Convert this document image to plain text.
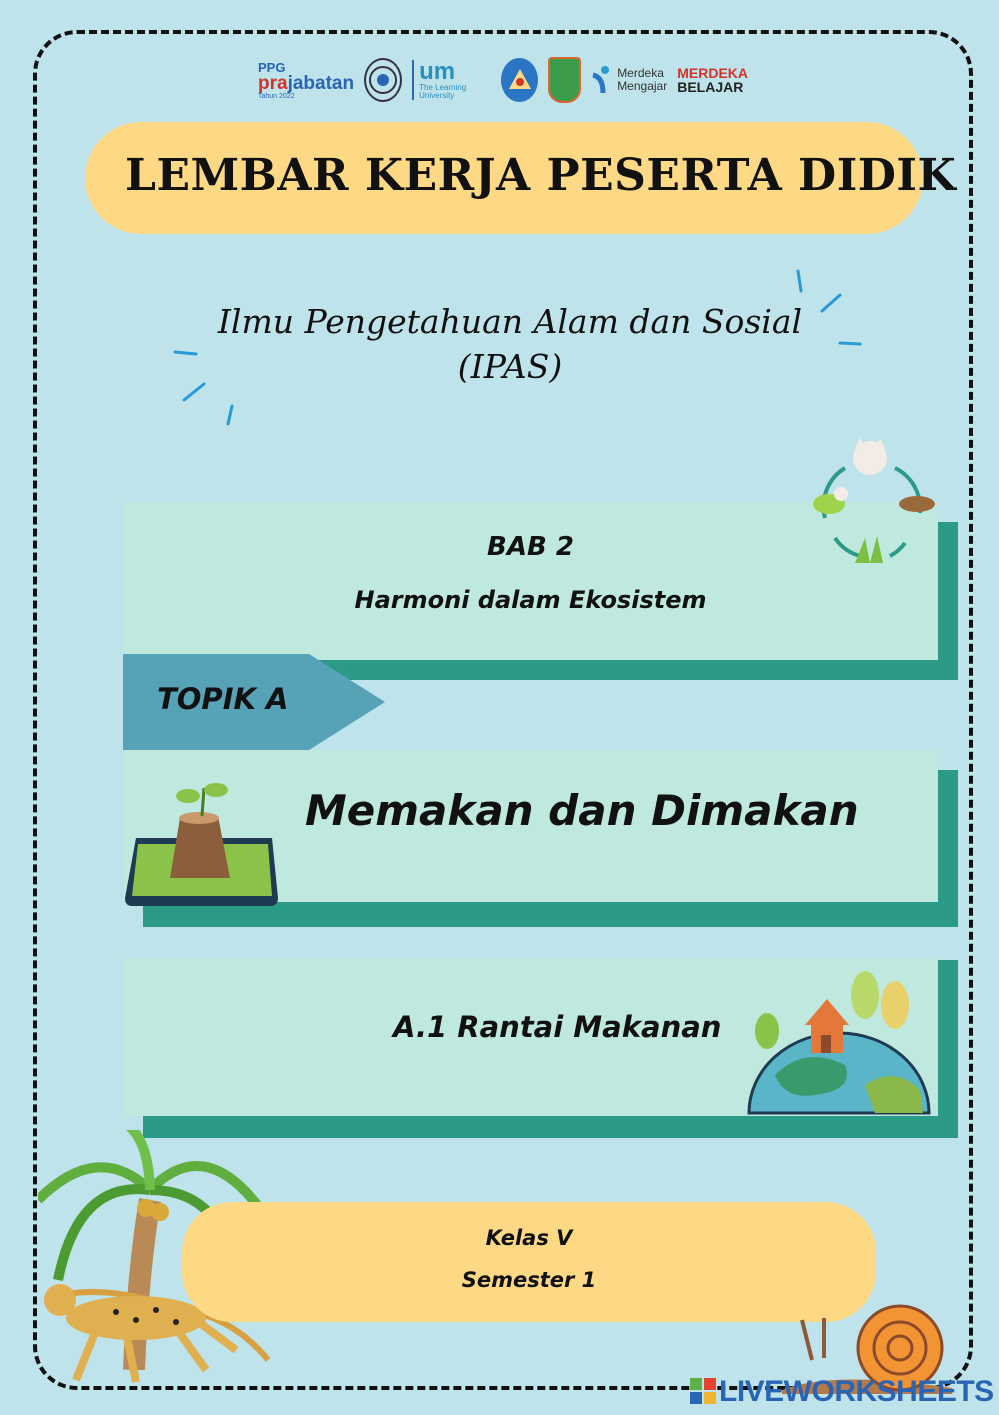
PPG
prajabatan
Tahun 2022
um
The Learning University
Merdeka
Mengajar
MERDEKA
BELAJAR
LEMBAR KERJA PESERTA DIDIK
Ilmu Pengetahuan Alam dan Sosial
(IPAS)
BAB 2
Harmoni dalam Ekosistem
TOPIK A
Memakan dan Dimakan
A.1 Rantai Makanan
Kelas V
Semester 1
LIVEWORKSHEETS
